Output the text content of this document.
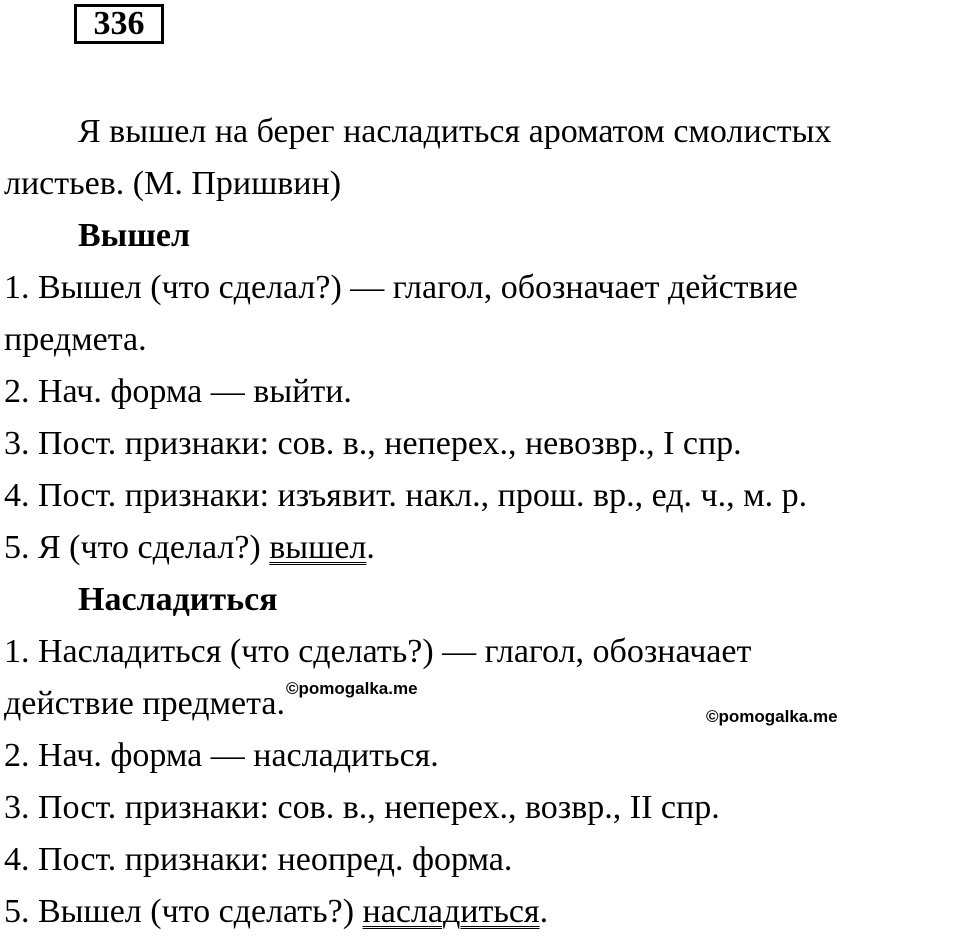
336
Я вышел на берег насладиться ароматом смолистых
листьев. (М. Пришвин)
Вышел
1. Вышел (что сделал?) — глагол, обозначает действие
предмета.
2. Нач. форма — выйти.
3. Пост. признаки: сов. в., неперех., невозвр., I спр.
4. Пост. признаки: изъявит. накл., прош. вр., ед. ч., м. р.
5. Я (что сделал?) вышел.
Насладиться
1. Насладиться (что сделать?) — глагол, обозначает
действие предмета.
2. Нач. форма — насладиться.
3. Пост. признаки: сов. в., неперех., возвр., II спр.
4. Пост. признаки: неопред. форма.
5. Вышел (что сделать?) насладиться.
©pomogalka.me
©pomogalka.me
